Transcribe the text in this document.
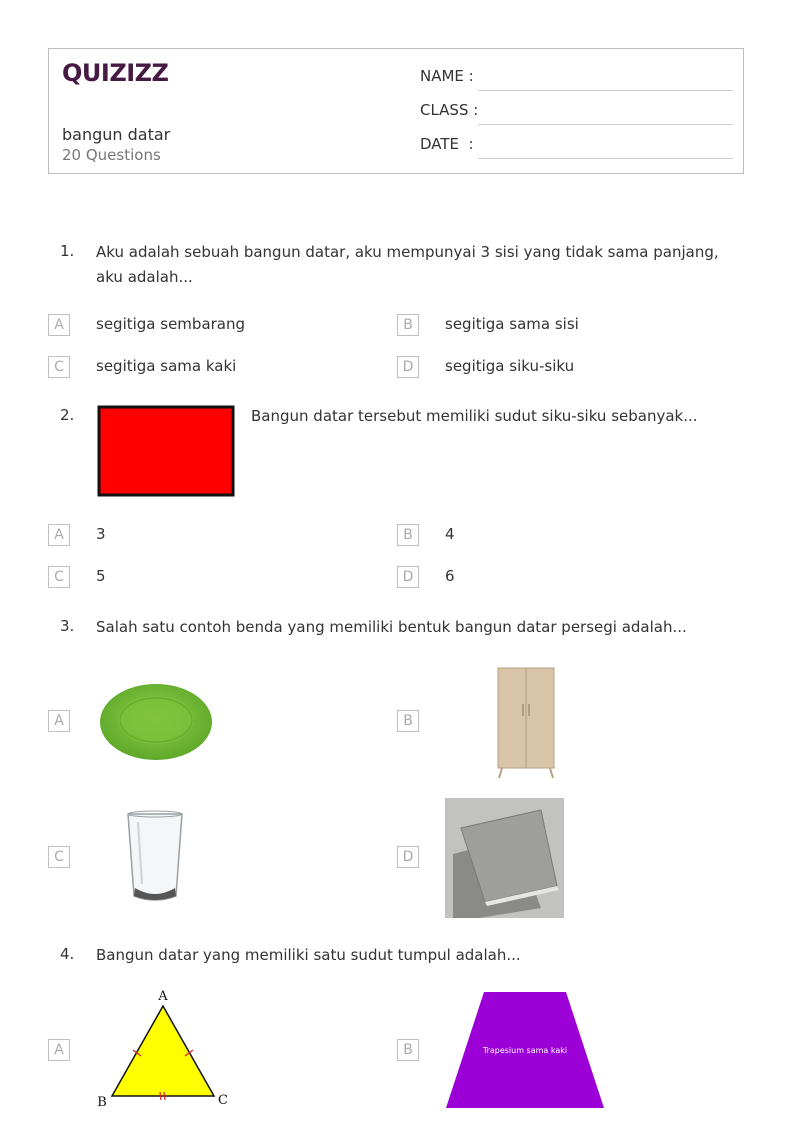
QUIZIZZ
bangun datar
20 Questions
NAME :
CLASS :
DATE  :
1. Aku adalah sebuah bangun datar, aku mempunyai 3 sisi yang tidak sama panjang, aku adalah...
A	segitiga sembarang	B	segitiga sama sisi
C	segitiga sama kaki	D	segitiga siku-siku
2.	Bangun datar tersebut memiliki sudut siku-siku sebanyak...
A	3	B	4
C	5	D	6
3. Salah satu contoh benda yang memiliki bentuk bangun datar persegi adalah...
A	B
C	D
4. Bangun datar yang memiliki satu sudut tumpul adalah...
A
A
B	C
B	Trapesium sama kaki
